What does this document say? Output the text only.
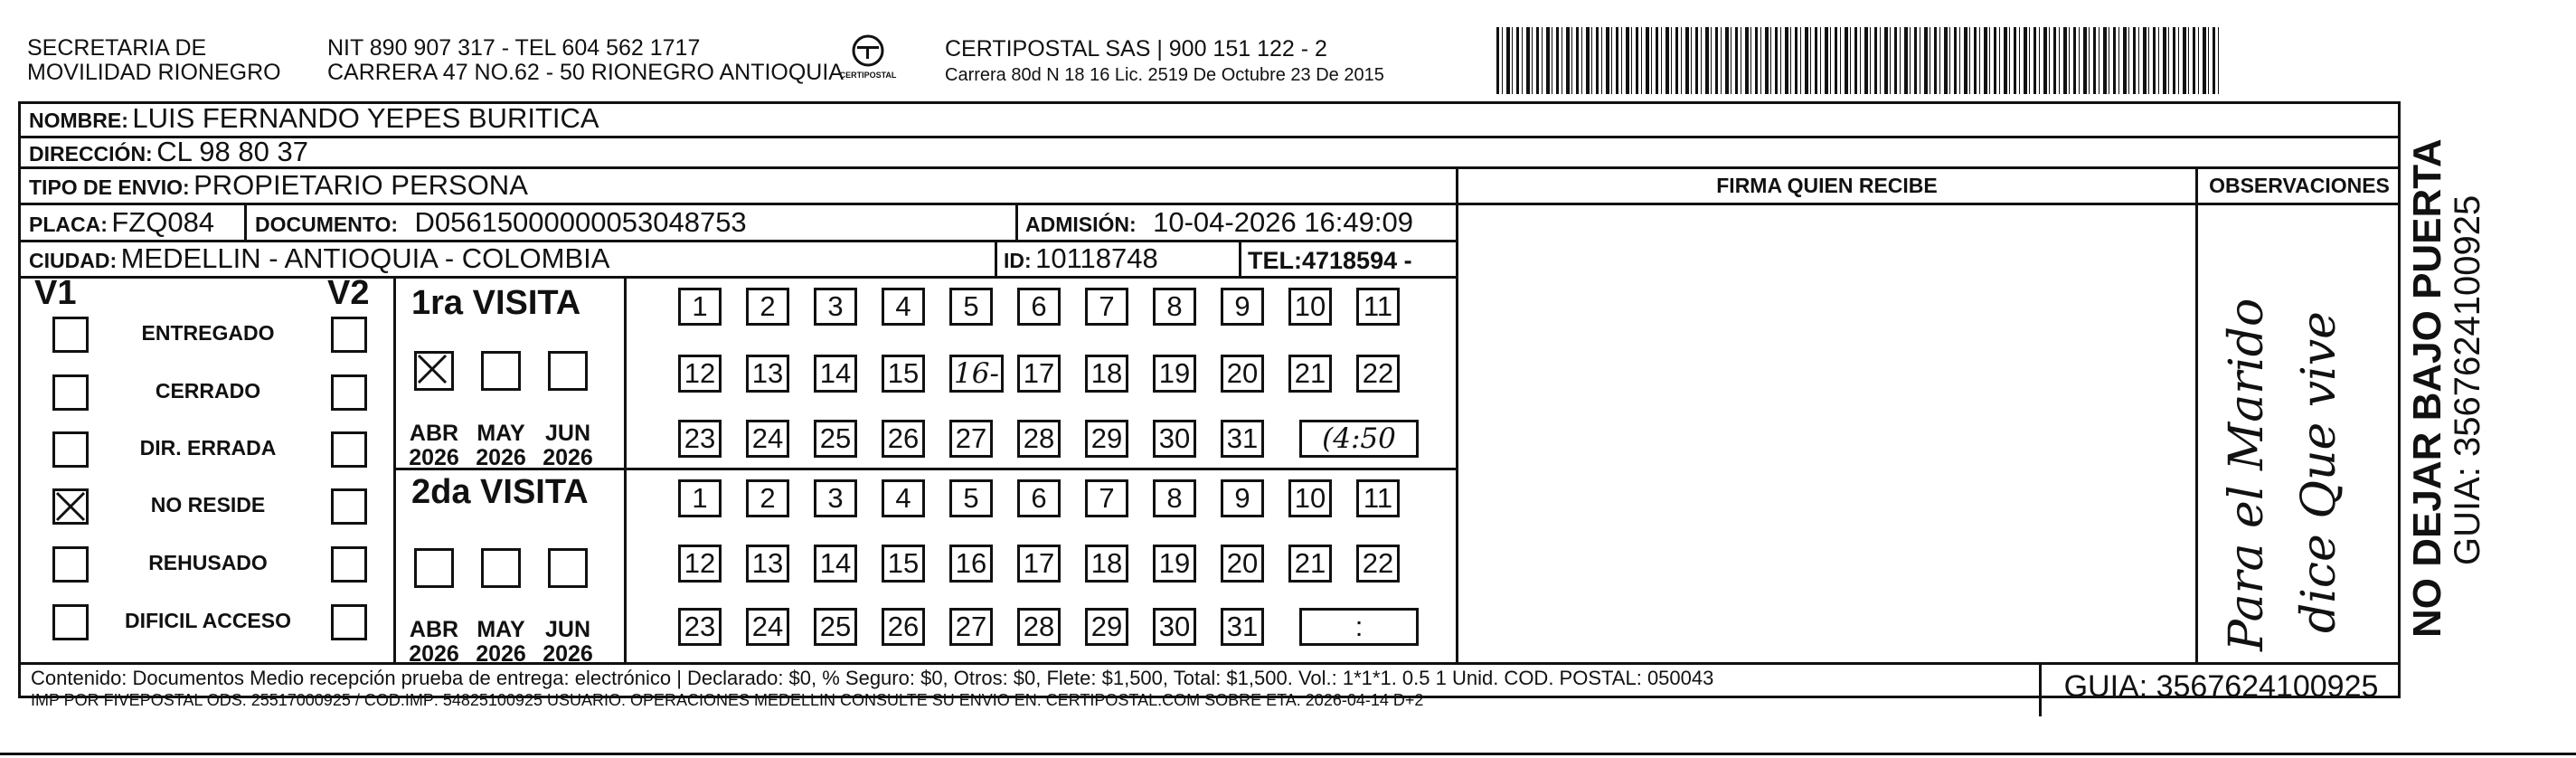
SECRETARIA DE
MOVILIDAD RIONEGRO
NIT 890 907 317 - TEL 604 562 1717
CARRERA 47 NO.62 - 50 RIONEGRO ANTIOQUIA
CERTIPOSTAL
CERTIPOSTAL SAS | 900 151 122 - 2
Carrera 80d N 18 16 Lic. 2519 De Octubre 23 De 2015
NOMBRE: LUIS FERNANDO YEPES BURITICA
DIRECCIÓN: CL 98 80 37
TIPO DE ENVIO: PROPIETARIO PERSONA
PLACA: FZQ084 DOCUMENTO: D05615000000053048753	ADMISIÓN: 10-04-2026 16:49:09
CIUDAD: MEDELLIN - ANTIOQUIA - COLOMBIA	ID: 10118748	TEL:4718594 -
FIRMA QUIEN RECIBE	OBSERVACIONES
Para el Marido dice Que vive NO DEJAR BAJO PUERTA
GUIA: 3567624100925
V1	V2
ENTREGADO
CERRADO
DIR. ERRADA
NO RESIDE
REHUSADO
DIFICIL ACCESO
1ra VISITA
2da VISITA
ABR
2026
MAY
2026
JUN
2026
ABR
2026
MAY
2026
JUN
2026
1	2	3	4	5	6	7	8	9	10 11
12 13 14 15 16- 17 18 19 20 21 22
23 24 25 26 27 28 29 30 31	(4:50
1	2	3	4	5	6	7	8	9	10 11
12 13 14 15 16 17 18 19 20 21 22
23 24 25 26 27 28 29 30 31	:
Contenido: Documentos Medio recepción prueba de entrega: electrónico | Declarado: $0, % Seguro: $0, Otros: $0, Flete: $1,500, Total: $1,500. Vol.: 1*1*1. 0.5 1 Unid. COD. POSTAL: 050043
IMP POR FIVEPOSTAL ODS: 25517000925 / COD.IMP: 54825100925 USUARIO: OPERACIONES MEDELLIN CONSULTE SU ENVIO EN: CERTIPOSTAL.COM SOBRE ETA: 2026-04-14 D+2	GUIA: 3567624100925
